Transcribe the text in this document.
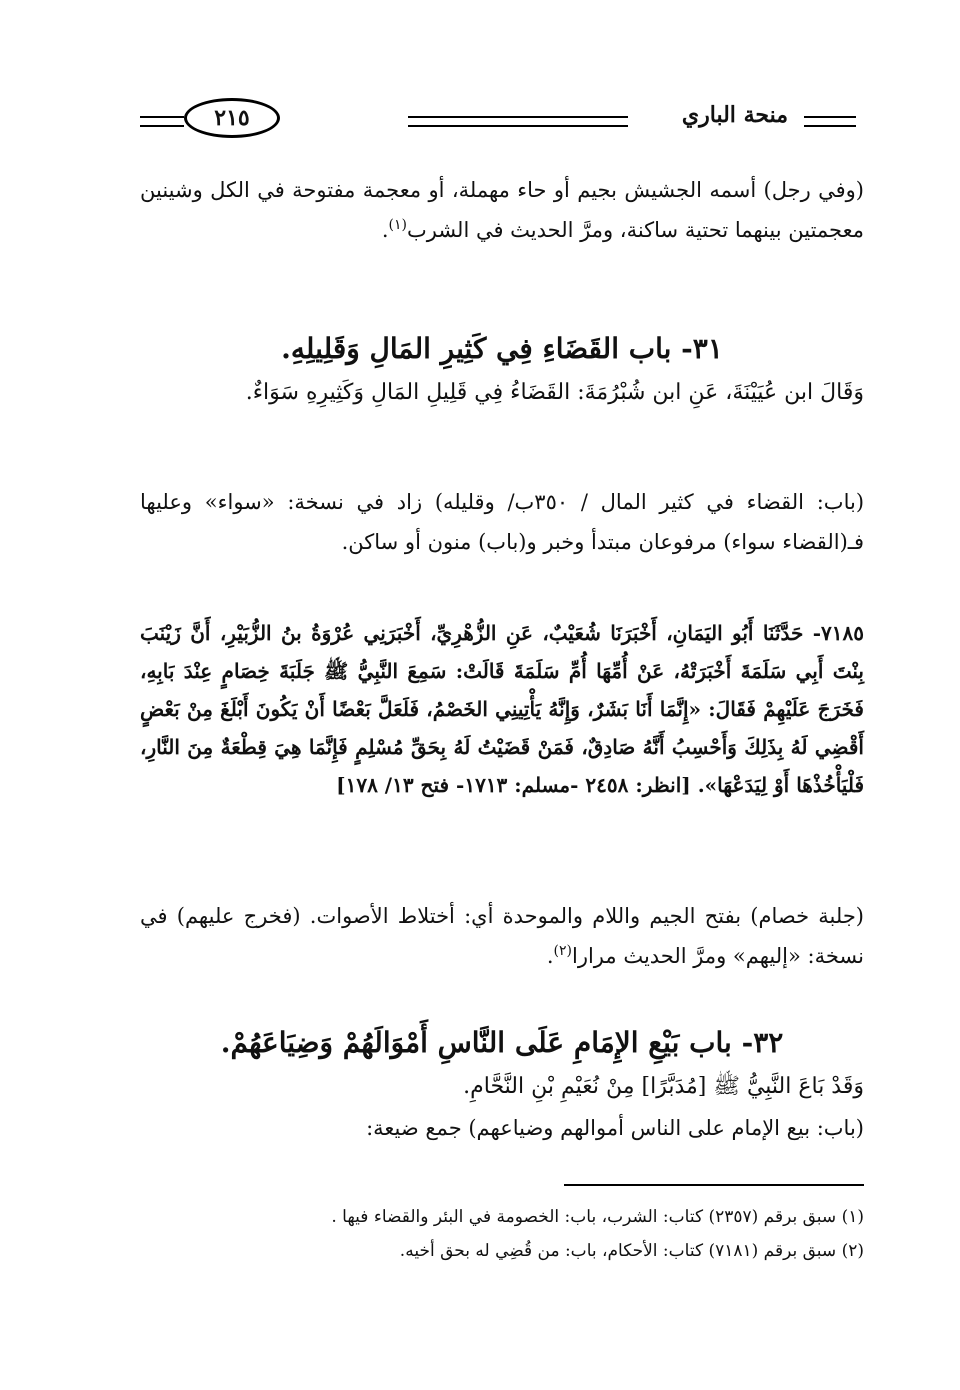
منحة الباري
٢١٥

(وفي رجل) أسمه الجشيش بجيم أو حاء مهملة، أو معجمة مفتوحة في الكل وشينين معجمتين بينهما تحتية ساكنة، ومرَّ الحديث في الشرب$^{(١)}$.

٣١- باب القَضَاءِ فِي كَثِيرِ المَالِ وَقَلِيلِهِ.

وَقَالَ ابن عُيَيْنَةَ، عَنِ ابن شُبْرُمَةَ: القَضَاءُ فِي قَلِيلِ المَالِ وَكَثِيرِهِ سَوَاءٌ.

(باب: القضاء في كثير المال / ٣٥٠ب/ وقليله) زاد في نسخة: «سواء» وعليها فـ(القضاء سواء) مرفوعان مبتدأ وخبر و(باب) منون أو ساكن.

٧١٨٥- حَدَّثَنَا أَبُو اليَمَانِ، أَخْبَرَنَا شُعَيْبٌ، عَنِ الزُّهْرِيِّ، أَخْبَرَنِي عُرْوَةُ بنُ الزُّبَيْرِ، أَنَّ زَيْنَبَ بِنْتَ أَبِي سَلَمَةَ أَخْبَرَتْهُ، عَنْ أُمِّهَا أُمِّ سَلَمَةَ قَالَتْ: سَمِعَ النَّبِيُّ ﷺ جَلَبَةَ خِصَامٍ عِنْدَ بَابِهِ، فَخَرَجَ عَلَيْهِمْ فَقَالَ: «إِنَّمَا أَنَا بَشَرٌ، وَإِنَّهُ يَأْتِينِي الخَصْمُ، فَلَعَلَّ بَعْضًا أَنْ يَكُونَ أَبْلَغَ مِنْ بَعْضٍ أَقْضِي لَهُ بِذَلِكَ وَأَحْسِبُ أَنَّهُ صَادِقٌ، فَمَنْ قَضَيْتُ لَهُ بِحَقِّ مُسْلِمٍ فَإِنَّمَا هِيَ قِطْعَةٌ مِنَ النَّارِ، فَلْيَأْخُذْهَا أَوْ لِيَدَعْهَا». [انظر: ٢٤٥٨ -مسلم: ١٧١٣- فتح ١٣/ ١٧٨]

(جلبة خصام) بفتح الجيم واللام والموحدة أي: أختلاط الأصوات. (فخرج عليهم) في نسخة: «إليهم» ومرَّ الحديث مرارا$^{(٢)}$.

٣٢- باب بَيْعِ الإِمَامِ عَلَى النَّاسِ أَمْوَالَهُمْ وَضِيَاعَهُمْ.

وَقَدْ بَاعَ النَّبِيُّ ﷺ [مُدَبَّرًا] مِنْ نُعَيْمِ بْنِ النَّحَّامِ.

(باب: بيع الإمام على الناس أموالهم وضياعهم) جمع ضيعة:

(١) سبق برقم (٢٣٥٧) كتاب: الشرب، باب: الخصومة في البئر والقضاء فيها .

(٢) سبق برقم (٧١٨١) كتاب: الأحكام، باب: من قُضِي له بحق أخيه.
